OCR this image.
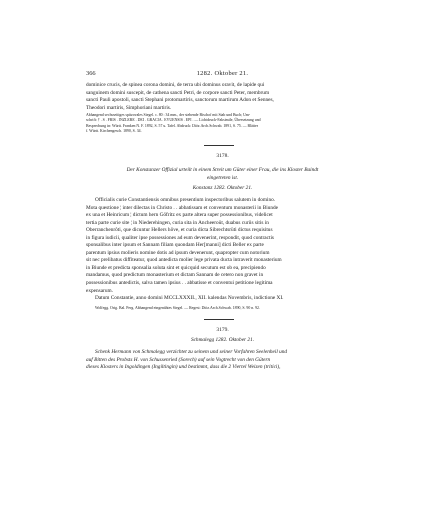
366	1282. Oktober 21.

dominice crucis, de spinea corona domini, de terra ubi dominus oravit, de lapide qui

sanguinem domini suscepit, de cathena sancti Petri, de corpore sancti Peter, membrum

sancti Pauli apostoli, sancti Stephani protomartiris, sanctorum martirum Adon et Sennes,

Theodori martiris, Simphoriani martiris.

Abhangend sechsseitiges spitzovales Siegel. c. 80 : 34 mm., der stehende Bischof mit Stab und Buch; Um-

schrift: † . S . FRIS . INZLERE . DEI . GRACIA . EVUENSIS . EPI . — Lichtdruck-Faksimile, Übersetzung und

Besprechung in: Württ. Franken N. F. 1892, S. 57 u. Tafel. Abdruck: Diöz.Arch.Schwab. 1891, S. 75. — Blätter

f. Württ. Kirchengesch. 1890, S. 34.

3178.

Der Konstanzer Offizial urteilt in einem Streit um Güter einer Frau, die ins Kloster Baindt

eingetreten ist.

Konstanz 1282. Oktober 21.

Officialis curie Constantiensis omnibus presentium inspectoribus salutem in domino.

Mota questione ¦ inter dilectas in Christo . . abbatissam et conventum monasterii in Biunde

ex una et Heinricum ¦ dictum hern Göfritz ex parte altera super possessionibus, videlicet

tertia parte curie site ¦ in Niederehingen, curia sita in Ancheeroüt, duabus curiis sitis in

Oberranchenrôti, que dicuntur Hellers hôve, et curia dicta Sibrechtsrüti dictus requisitus

in figura iudicii, qualiter ipse possessiones ad eum devenerint, respondit, quod contractis

sponsalibus inter ipsum et Sannam filiam quondam Her[manni] dicti Beller ex parte

parentum ipsius molieris nomine dotis ad ipsum devenerunt, quapropter cum notorium

sit nec prelibatus diffiteatur, quod antedicta molier lege privata ducta intraverit monasterium

in Biunde et predicta sponsalia soluta sint et quicquid secutum est ob ea, precipiendo

mandamus, quod predictum monasterium et dictam Sannam de cetero non gravet in

possessionibus antedictis, salva tamen ipsius . . abbatisse et conventui petitione legitima

expensarum.

Datum Constantie, anno domini MCCLXXXII., XII. kalendas Novembris, indictione XI.

Wolfegg. Orig. Bal. Perg. Abhangend eingenähtes Siegel. — Regest: Diöz.Arch.Schwab. 1890, S. 90 n. 92.

3179.

Schmalegg 1282. Oktober 21.

Schenk Hermann von Schmalegg verzichtet zu seinem und seiner Vorfahren Seelenheil und

auf Bitten des Probsts H. von Schussenried (Sorech) auf sein Vogtrecht von den Gütern

dieses Klosters in Ingoldingen (Ingiltingin) und bestimmt, dass die 2 Viertel Weizen (tritici),
